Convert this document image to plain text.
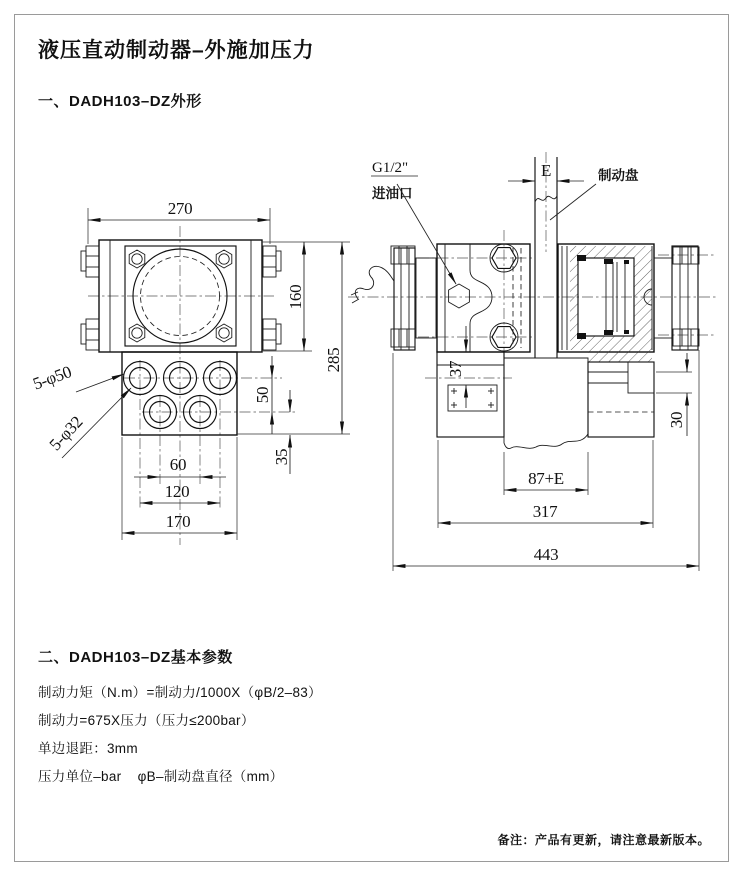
液压直动制动器–外施加压力
一、DADH103–DZ外形
270
160
285
50
35
60
120
170
5-φ50
5-φ32
E
G1/2"
进油口
制动盘
37
30
87+E
317
443
二、DADH103–DZ基本参数

制动力矩（N.m）=制动力/1000X（φB/2–83）

制动力=675X压力（压力≤200bar）

单边退距：3mm

压力单位–bar    φB–制动盘直径（mm）

备注：产品有更新，请注意最新版本。
